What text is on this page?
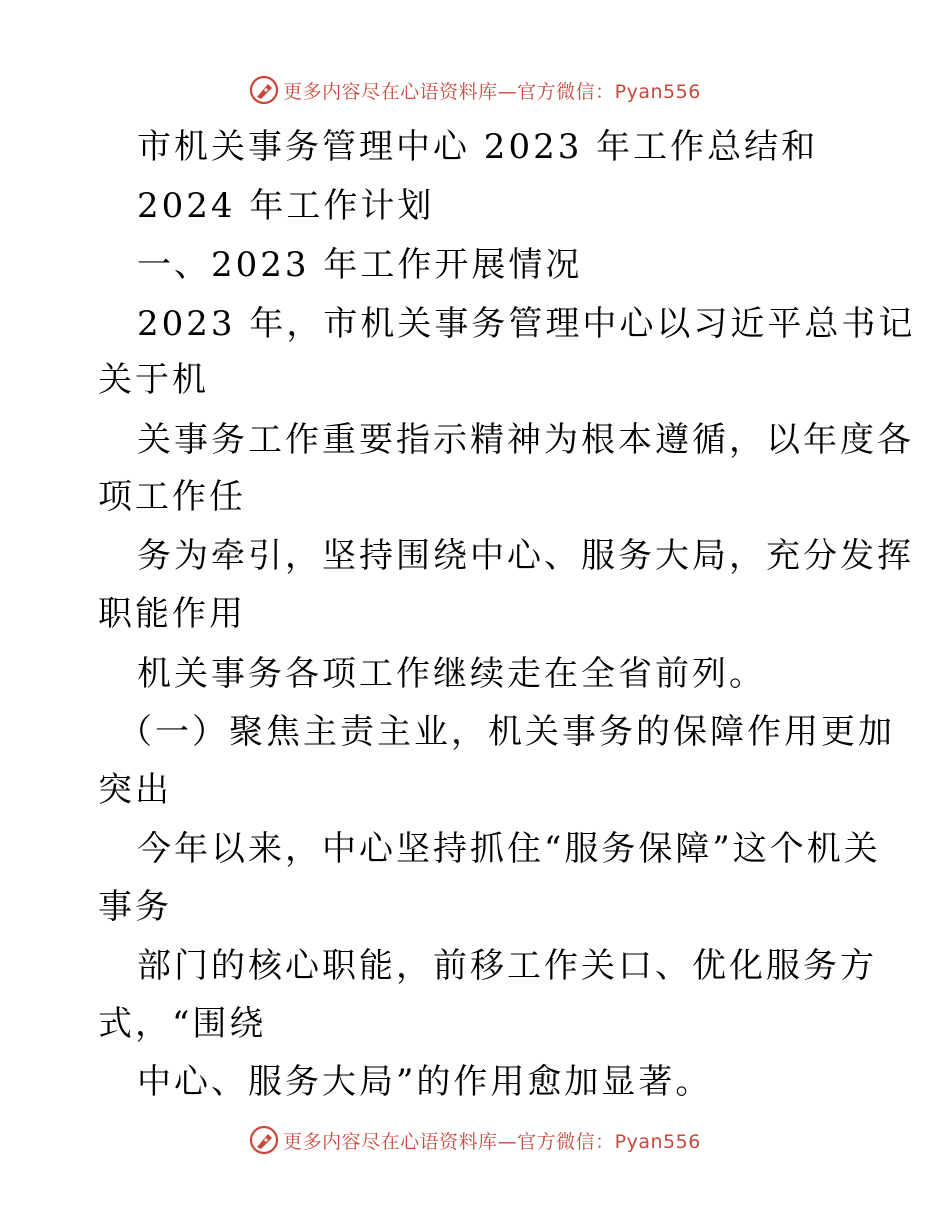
更多内容尽在心语资料库—官方微信：Pyan556
市机关事务管理中心 2023 年工作总结和
2024 年工作计划
一、2023 年工作开展情况
2023 年，市机关事务管理中心以习近平总书记
关于机
关事务工作重要指示精神为根本遵循，以年度各
项工作任
务为牵引，坚持围绕中心、服务大局，充分发挥
职能作用
机关事务各项工作继续走在全省前列。
（一）聚焦主责主业，机关事务的保障作用更加
突出
今年以来，中心坚持抓住“服务保障”这个机关
事务
部门的核心职能，前移工作关口、优化服务方
式，“围绕
中心、服务大局”的作用愈加显著。
更多内容尽在心语资料库—官方微信：Pyan556
